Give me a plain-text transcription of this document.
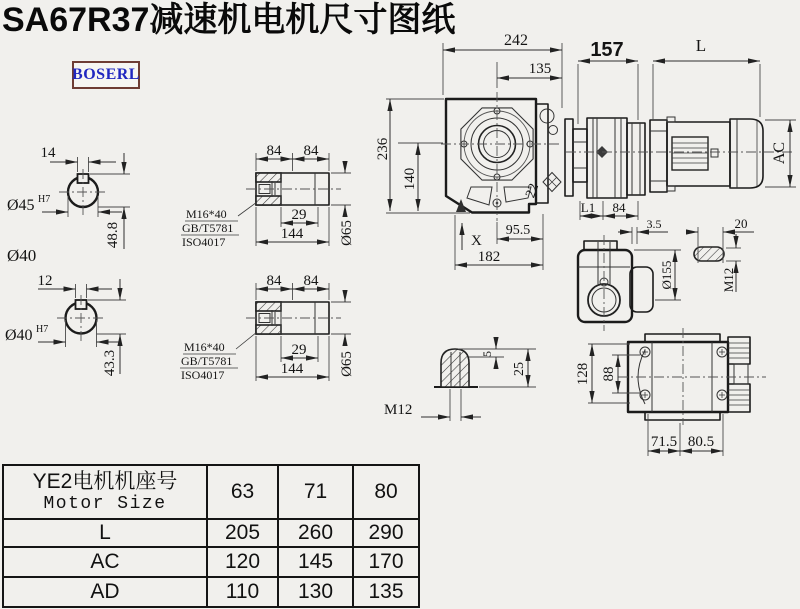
SA67R37减速机电机尺寸图纸
BOSERL
14
Ø45 H7
48.8
Ø40
12
Ø40 H7
43.3
84 84
29
144 Ø65
M16*40
GB/T5781
ISO4017
84 84
29
144 Ø65
M16*40
GB/T5781
ISO4017
242
135
236
140
95.5
182
X
22
157	L
AC
L1 84
3.5
Ø155
20
M12
5
25
M12
128 88
71.5 80.5
YE2电机机座号
Motor Size	63	71	80
L	205	260	290
AC	120	145	170
AD	110	130	135
